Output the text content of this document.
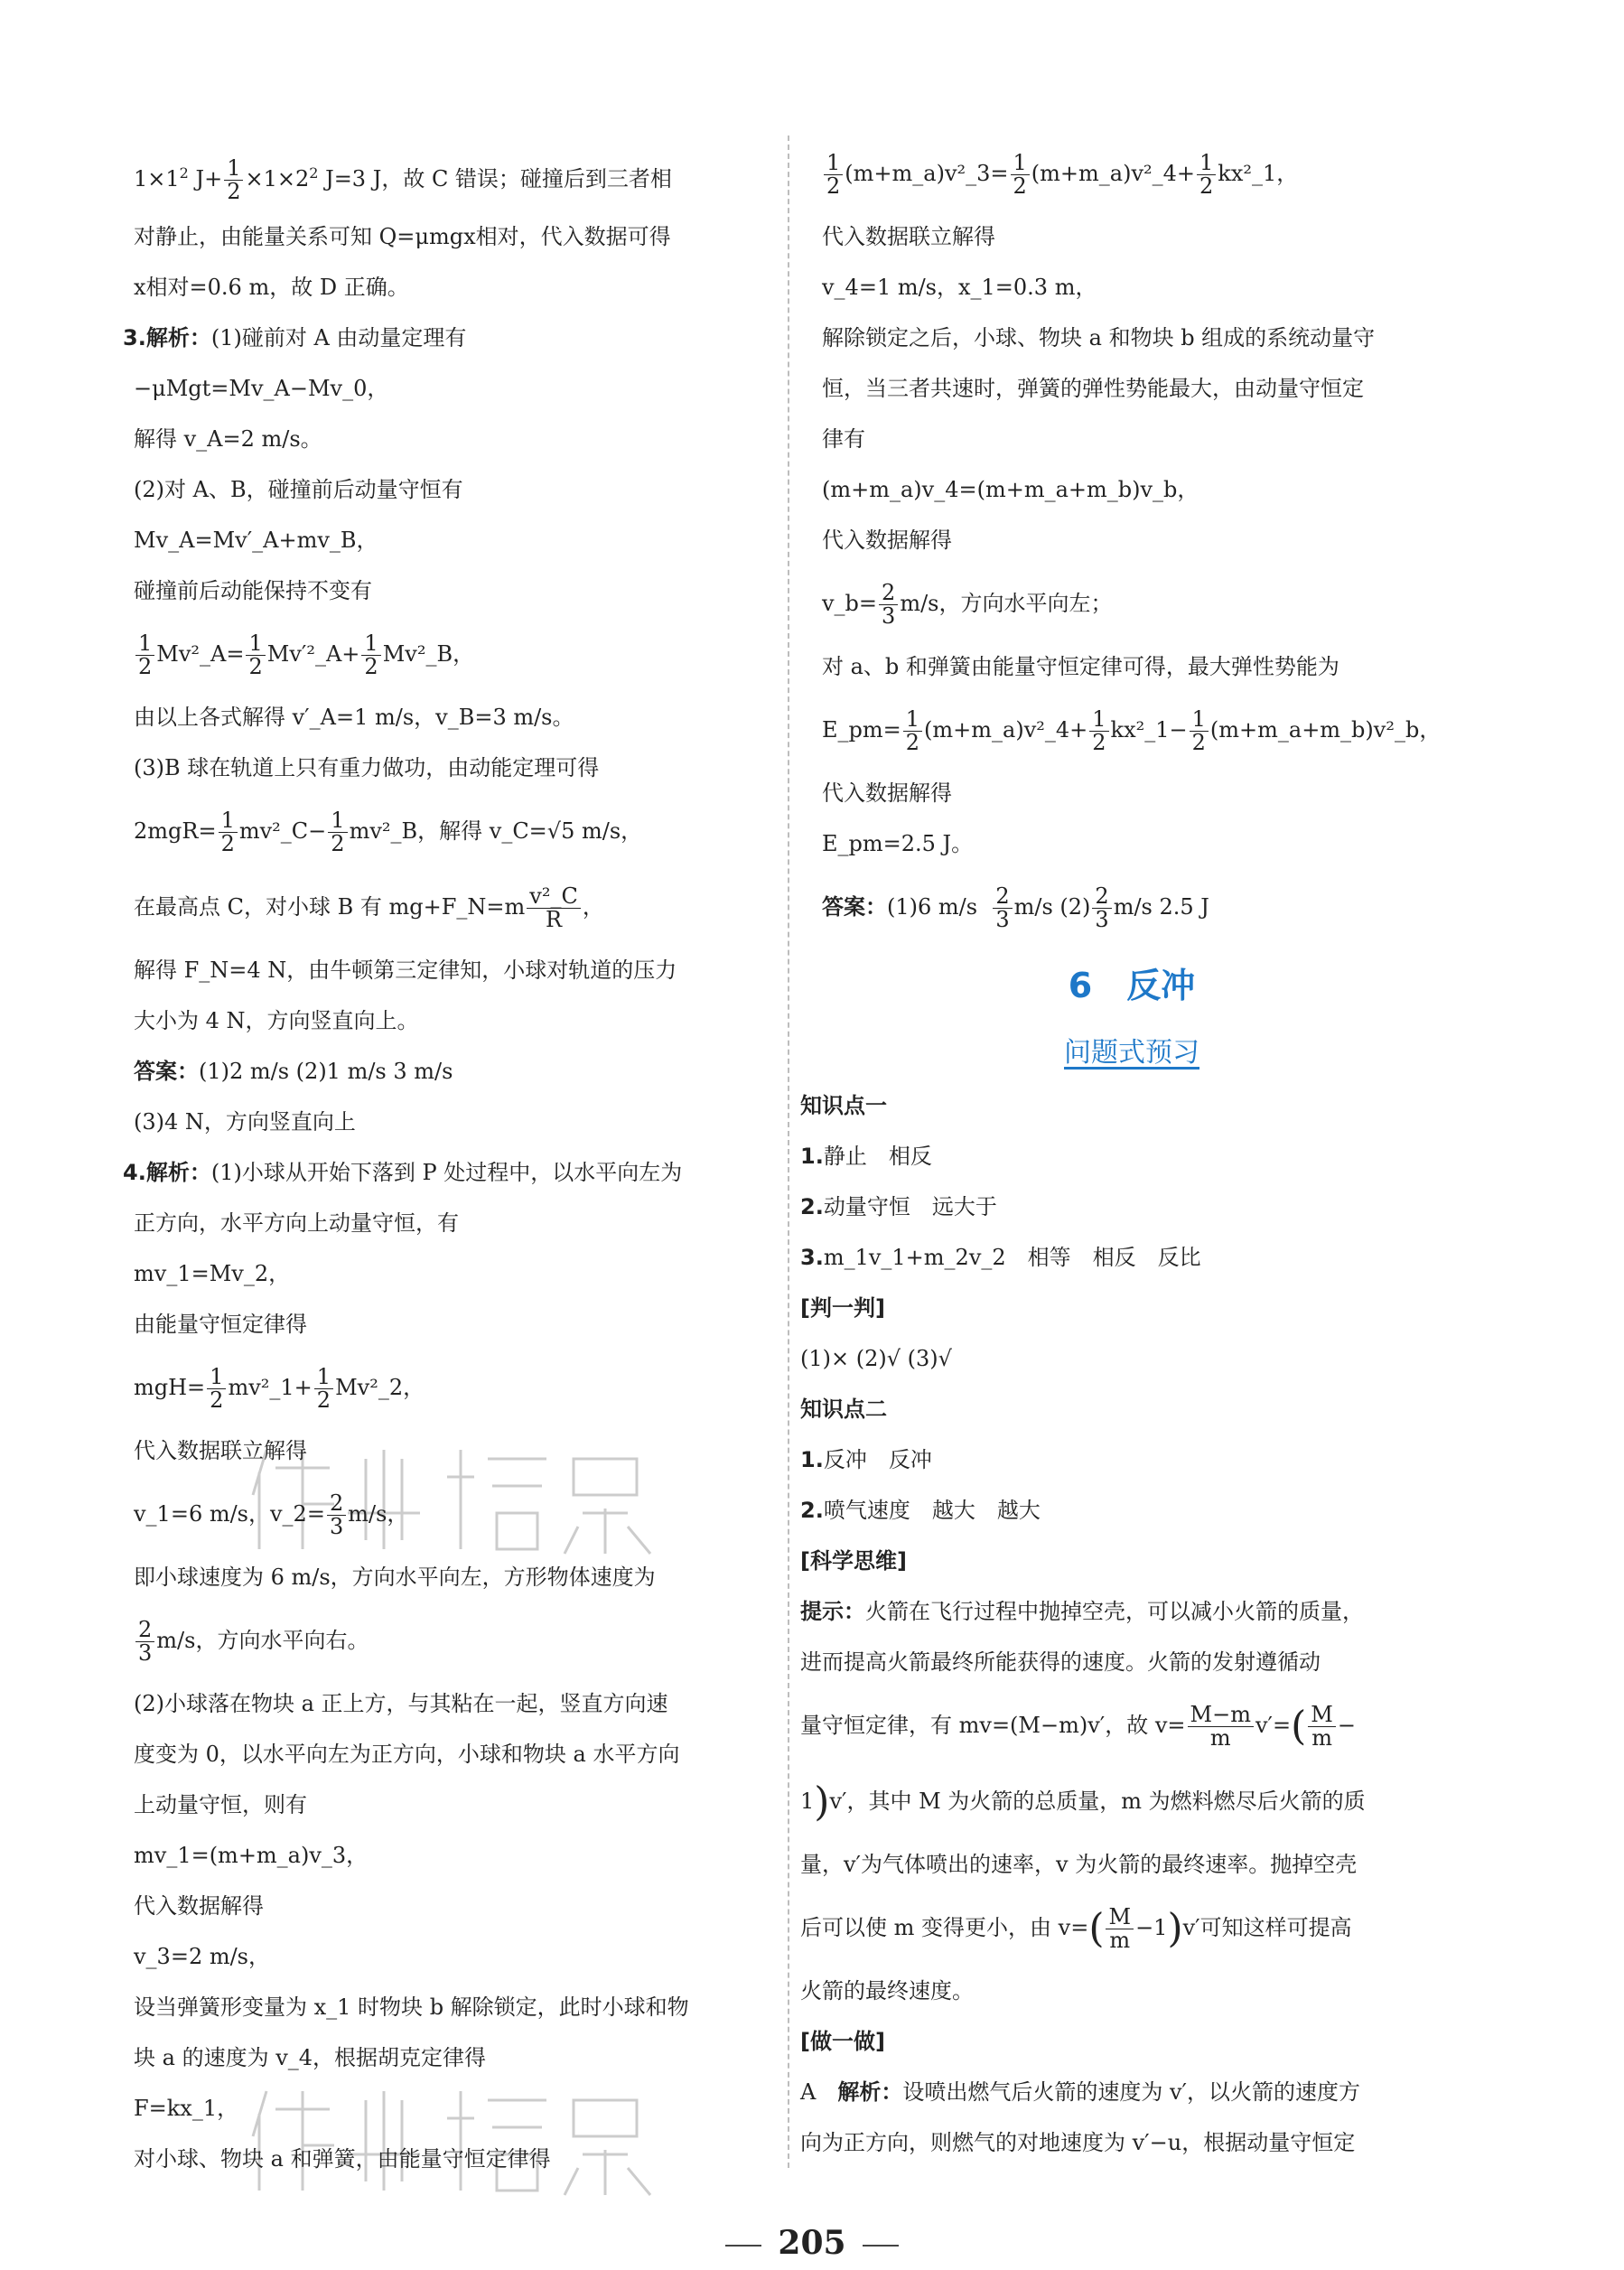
$1\times 1^2$ $J+ \frac{1}{2} \times 1\times 2^2$ J=3 J，故 C 错误；碰撞后到三者相
对静止，由能量关系可知 Q=μmgx相对，代入数据可得
x相对=0.6 m，故 D 正确。
3.解析：(1)碰前对 A 由动量定理有
−μMgt=Mv_A−Mv_0，
解得 v_A=2 m/s。
(2)对 A、B，碰撞前后动量守恒有
Mv_A=Mv′_A+mv_B，
碰撞前后动能保持不变有
$\frac{1}{2}$ Mv²_A= $\frac{1}{2}$ Mv′²_A+ $\frac{1}{2}$ Mv²_B，
由以上各式解得 v′_A=1 m/s，v_B=3 m/s。
(3)B 球在轨道上只有重力做功，由动能定理可得
$2mgR= \frac{1}{2}$ mv²_C− $\frac{1}{2}$ mv²_B，解得 v_C=√5 m/s，
在最高点 C，对小球 B 有 mg+F_N=m $\frac{\text{v²\_C}}{R}$ ，
解得 F_N=4 N，由牛顿第三定律知，小球对轨道的压力
大小为 4 N，方向竖直向上。
答案：(1)2 m/s (2)1 m/s 3 m/s
(3)4 N，方向竖直向上
4.解析：(1)小球从开始下落到 P 处过程中，以水平向左为
正方向，水平方向上动量守恒，有
mv_1=Mv_2，
由能量守恒定律得
$mgH= \frac{1}{2}$ mv²_1+ $\frac{1}{2}$ Mv²_2，
代入数据联立解得
v_1=6 m/s，v_2= $\frac{2}{3} m/s$，
即小球速度为 6 m/s，方向水平向左，方形物体速度为
$\frac{2}{3} m/s$，方向水平向右。
(2)小球落在物块 a 正上方，与其粘在一起，竖直方向速
度变为 0，以水平向左为正方向，小球和物块 a 水平方向
上动量守恒，则有
mv_1=(m+m_a)v_3，
代入数据解得
v_3=2 m/s，
设当弹簧形变量为 x_1 时物块 b 解除锁定，此时小球和物
块 a 的速度为 v_4，根据胡克定律得
F=kx_1，
对小球、物块 a 和弹簧，由能量守恒定律得
$\frac{1}{2}$ (m+m_a)v²_3= $\frac{1}{2}$ (m+m_a)v²_4+ $\frac{1}{2}$ kx²_1，
代入数据联立解得
v_4=1 m/s，x_1=0.3 m，
解除锁定之后，小球、物块 a 和物块 b 组成的系统动量守
恒，当三者共速时，弹簧的弹性势能最大，由动量守恒定
律有
(m+m_a)v_4=(m+m_a+m_b)v_b，
代入数据解得
v_b= $\frac{2}{3} m/s$，方向水平向左；
对 a、b 和弹簧由能量守恒定律可得，最大弹性势能为
E_pm= $\frac{1}{2}$ (m+m_a)v²_4+ $\frac{1}{2}$ kx²_1− $\frac{1}{2}$ (m+m_a+m_b)v²_b，
代入数据解得
E_pm=2.5 J。
答案：(1)6 $m/s \frac{2}{3} m/s$ $(2) \frac{2}{3} m/s$ 2.5 J
6　反冲
问题式预习
知识点一
1.静止　相反
2.动量守恒　远大于
3.m_1v_1+m_2v_2　相等　相反　反比
[判一判]
(1)× (2)√ (3)√
知识点二
1.反冲　反冲
2.喷气速度　越大　越大
[科学思维]
提示：火箭在飞行过程中抛掉空壳，可以减小火箭的质量，
进而提高火箭最终所能获得的速度。火箭的发射遵循动
量守恒定律，有 mv=(M−m)v′，故 $v= \frac{M-m}{m} v'=( \frac{M}{m}$ −
1)v′，其中 M 为火箭的总质量，m 为燃料燃尽后火箭的质
量，v′为气体喷出的速率，v 为火箭的最终速率。抛掉空壳
后可以使 m 变得更小，由 $v=( \frac{M}{m} -1)v'$可知这样可提高
火箭的最终速度。
[做一做]
A　解析：设喷出燃气后火箭的速度为 v′，以火箭的速度方
向为正方向，则燃气的对地速度为 v′−u，根据动量守恒定
205
